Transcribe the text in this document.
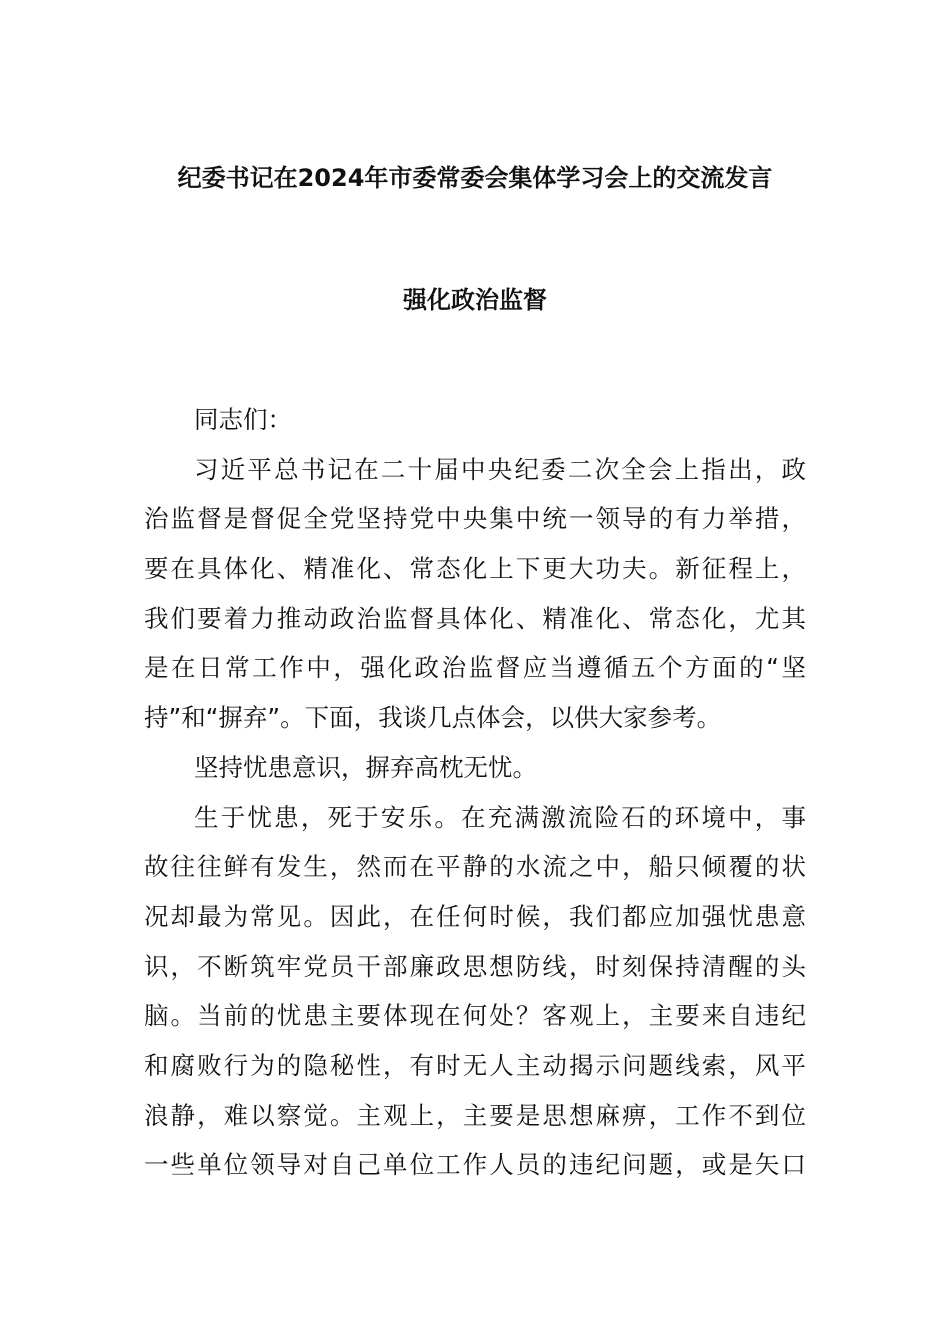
纪委书记在2024年市委常委会集体学习会上的交流发言
强化政治监督
同志们：
习近平总书记在二十届中央纪委二次全会上指出，政
治监督是督促全党坚持党中央集中统一领导的有力举措，
要在具体化、精准化、常态化上下更大功夫。新征程上，
我们要着力推动政治监督具体化、精准化、常态化，尤其
是在日常工作中，强化政治监督应当遵循五个方面的“坚
持”和“摒弃”。下面，我谈几点体会，以供大家参考。
坚持忧患意识，摒弃高枕无忧。
生于忧患，死于安乐。在充满激流险石的环境中，事
故往往鲜有发生，然而在平静的水流之中，船只倾覆的状
况却最为常见。因此，在任何时候，我们都应加强忧患意
识，不断筑牢党员干部廉政思想防线，时刻保持清醒的头
脑。当前的忧患主要体现在何处？客观上，主要来自违纪
和腐败行为的隐秘性，有时无人主动揭示问题线索，风平
浪静，难以察觉。主观上，主要是思想麻痹，工作不到位
一些单位领导对自己单位工作人员的违纪问题，或是矢口
